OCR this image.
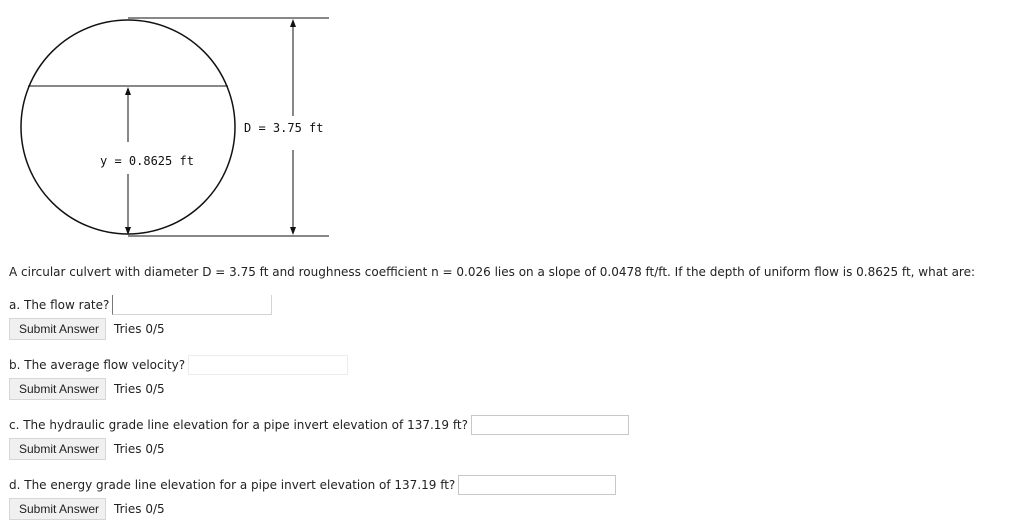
D = 3.75 ft
y = 0.8625 ft
A circular culvert with diameter D = 3.75 ft and roughness coefficient n = 0.026 lies on a slope of 0.0478 ft/ft. If the depth of uniform flow is 0.8625 ft, what are:
a. The flow rate?
Submit Answer	Tries 0/5
b. The average flow velocity?
Submit Answer	Tries 0/5
c. The hydraulic grade line elevation for a pipe invert elevation of 137.19 ft?
Submit Answer	Tries 0/5
d. The energy grade line elevation for a pipe invert elevation of 137.19 ft?
Submit Answer	Tries 0/5
